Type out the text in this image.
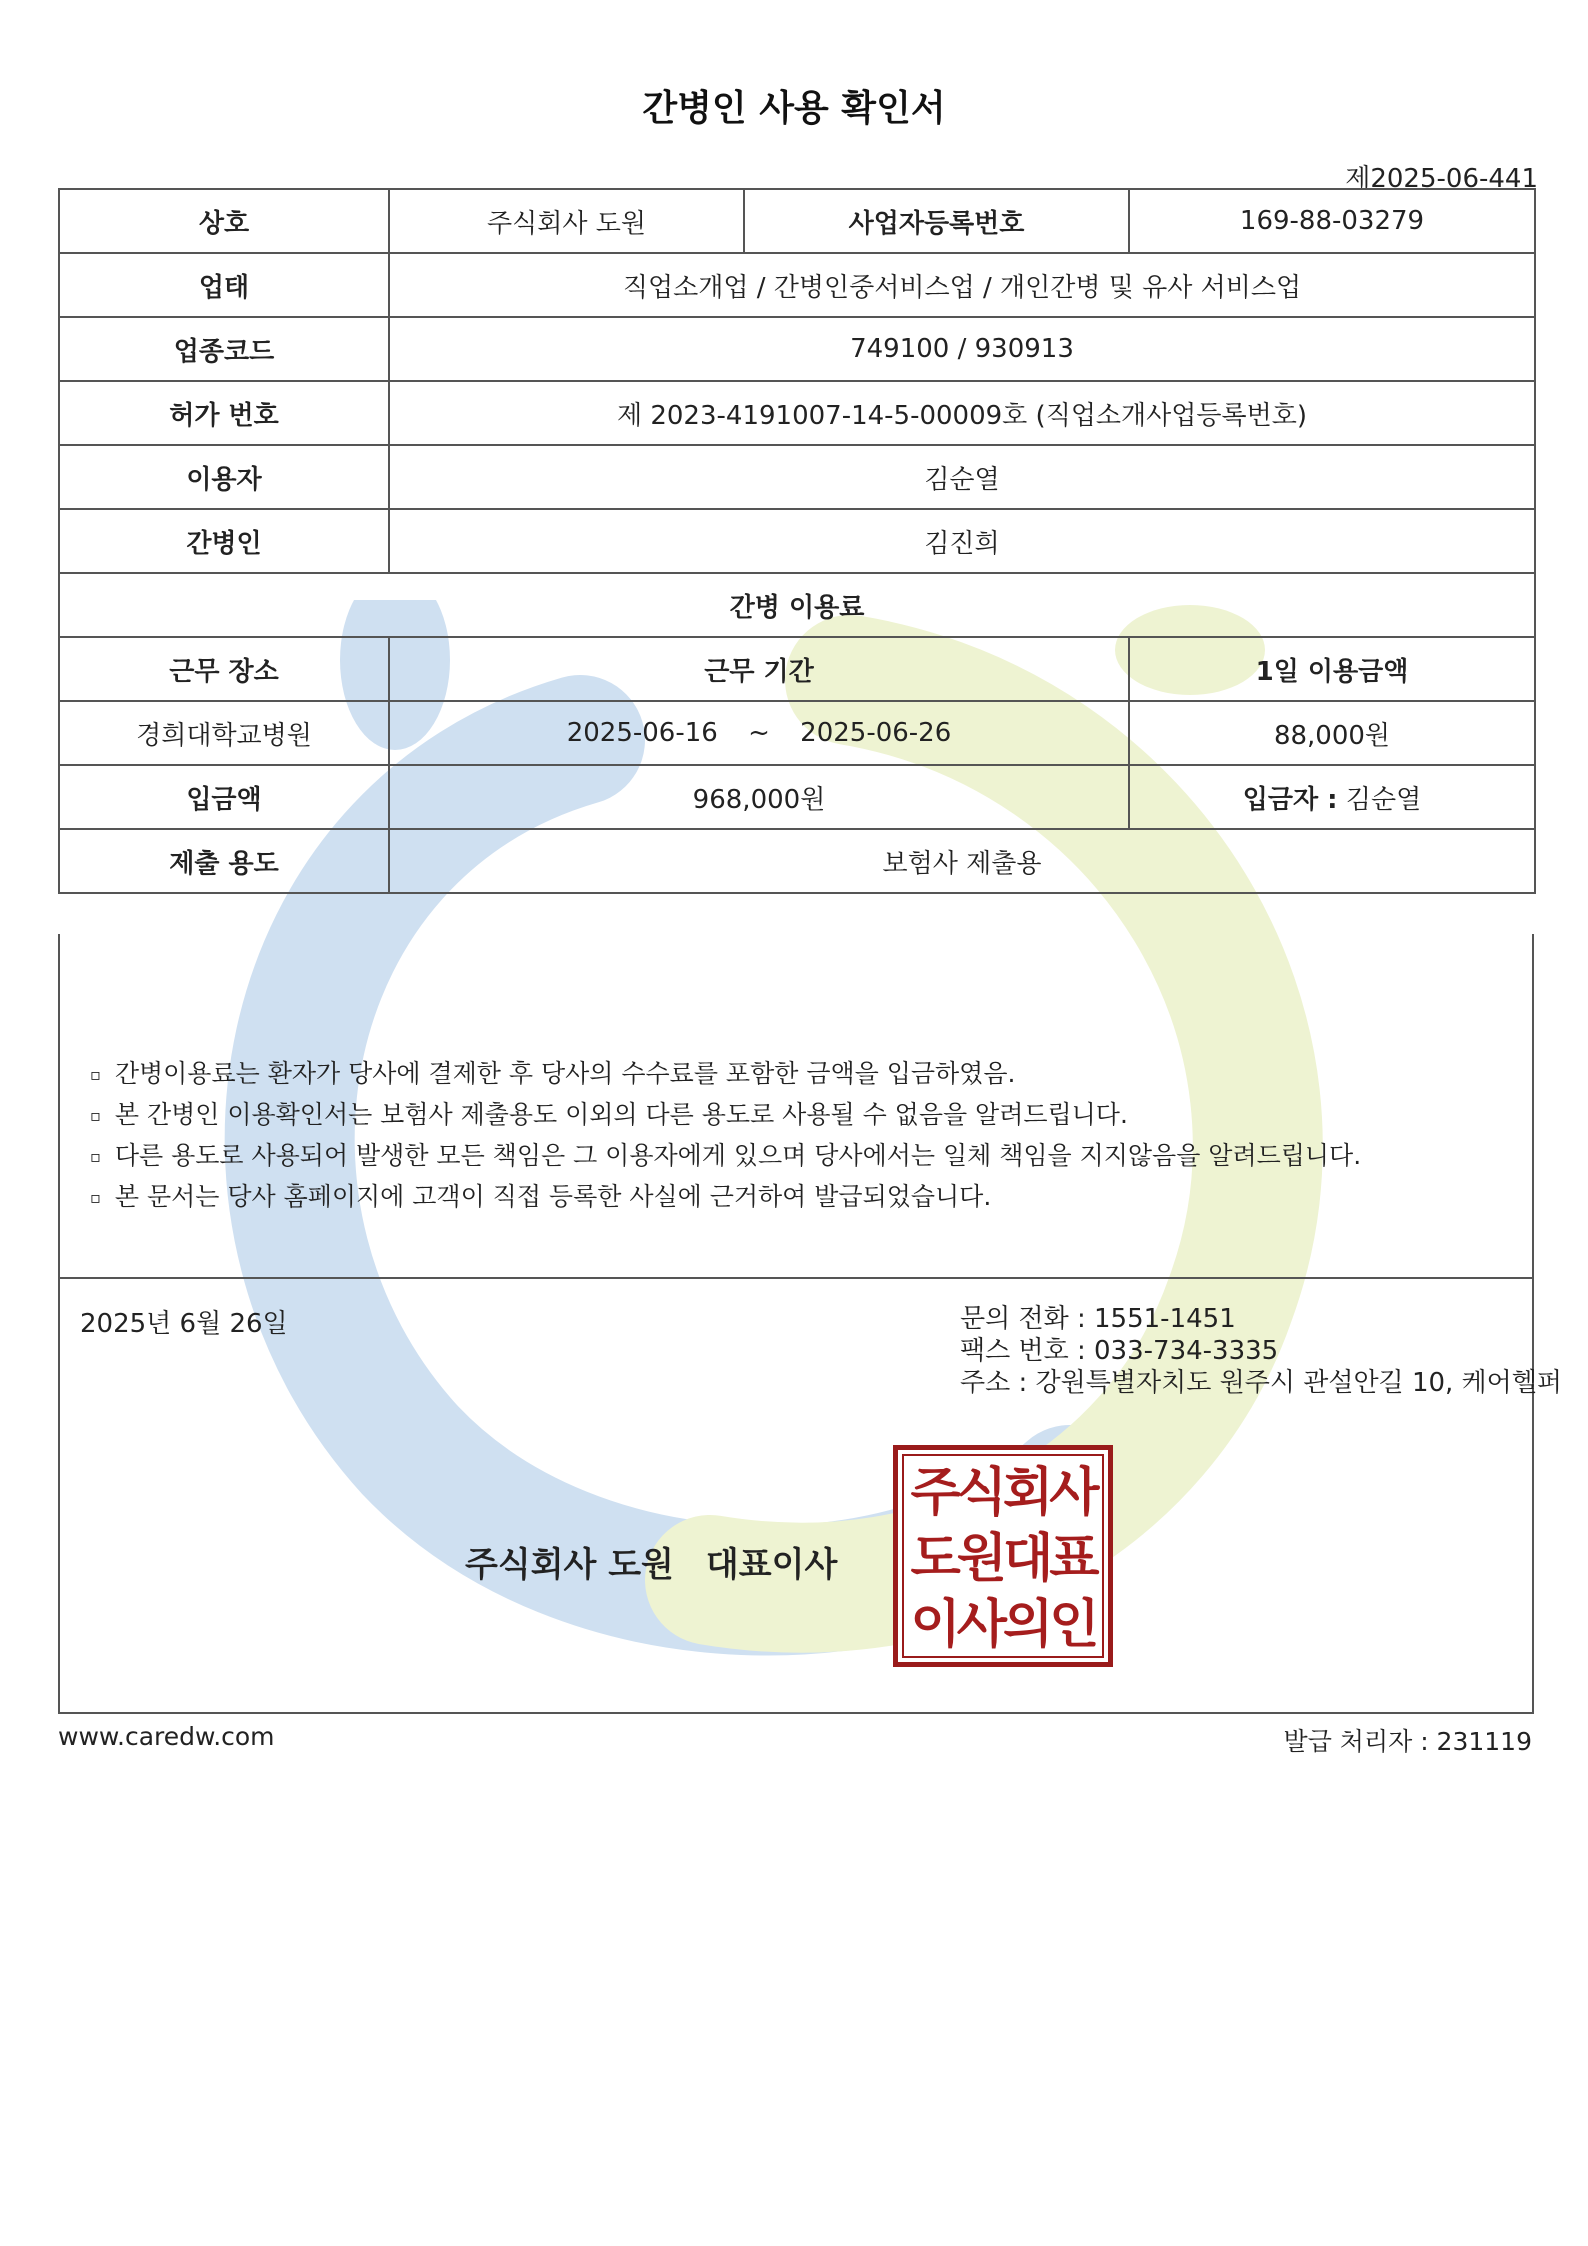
간병인 사용 확인서
제2025-06-441
상호	주식회사 도원	사업자등록번호	169-88-03279
업태	직업소개업 / 간병인중서비스업 / 개인간병 및 유사 서비스업		
업종코드	749100 / 930913		
허가 번호	제 2023-4191007-14-5-00009호 (직업소개사업등록번호)		
이용자	김순열		
간병인	김진희		
간병 이용료			
근무 장소	근무 기간		1일 이용금액
경희대학교병원	2025-06-16 ~ 2025-06-26		88,000원
입금액	968,000원		입금자 : 김순열
제출 용도	보험사 제출용		
▫ 간병이용료는 환자가 당사에 결제한 후 당사의 수수료를 포함한 금액을 입금하였음.
▫ 본 간병인 이용확인서는 보험사 제출용도 이외의 다른 용도로 사용될 수 없음을 알려드립니다.
▫ 다른 용도로 사용되어 발생한 모든 책임은 그 이용자에게 있으며 당사에서는 일체 책임을 지지않음을 알려드립니다.
▫ 본 문서는 당사 홈페이지에 고객이 직접 등록한 사실에 근거하여 발급되었습니다.
2025년 6월 26일	문의 전화 : 1551-1451
팩스 번호 : 033-734-3335
주소 : 강원특별자치도 원주시 관설안길 10, 케어헬퍼
주식회사 도원 대표이사
주식회사
도원대표
이사의인
www.caredw.com	발급 처리자 : 231119
